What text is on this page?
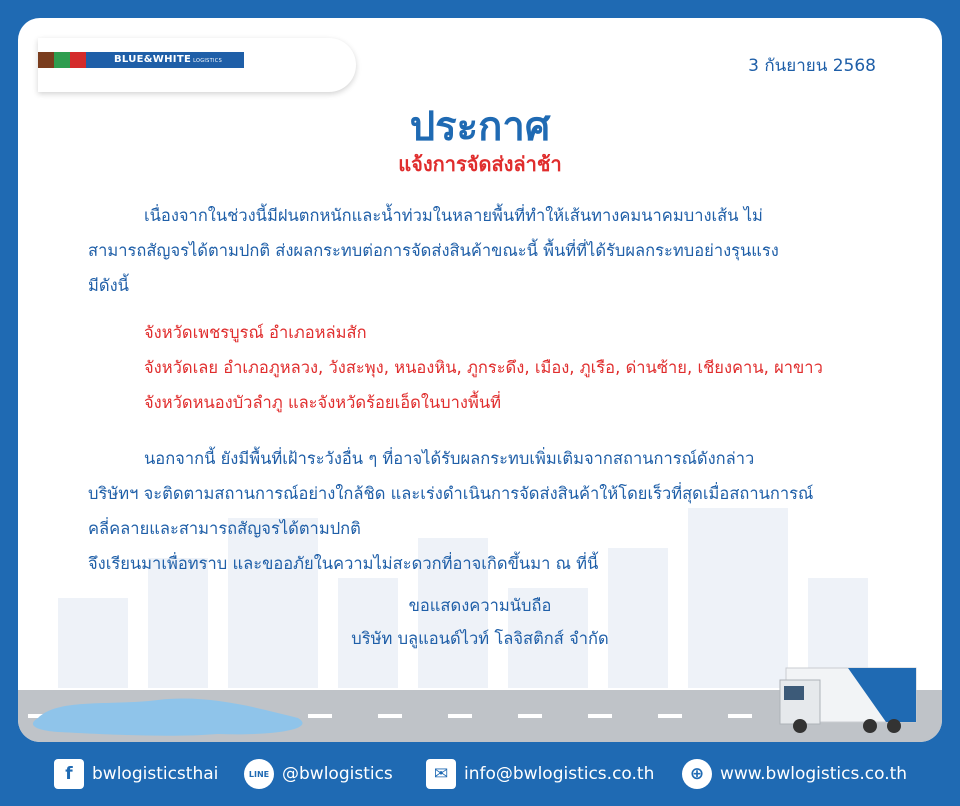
BLUE&WHITE LOGISTICS	3 กันยายน 2568
ประกาศ
แจ้งการจัดส่งล่าช้า
เนื่องจากในช่วงนี้มีฝนตกหนักและน้ำท่วมในหลายพื้นที่ทำให้เส้นทางคมนาคมบางเส้น ไม่
สามารถสัญจรได้ตามปกติ ส่งผลกระทบต่อการจัดส่งสินค้าขณะนี้ พื้นที่ที่ได้รับผลกระทบอย่างรุนแรง
มีดังนี้
จังหวัดเพชรบูรณ์ อำเภอหล่มสัก
จังหวัดเลย อำเภอภูหลวง, วังสะพุง, หนองหิน, ภูกระดึง, เมือง, ภูเรือ, ด่านซ้าย, เชียงคาน, ผาขาว
จังหวัดหนองบัวลำภู และจังหวัดร้อยเอ็ดในบางพื้นที่
นอกจากนี้ ยังมีพื้นที่เฝ้าระวังอื่น ๆ ที่อาจได้รับผลกระทบเพิ่มเติมจากสถานการณ์ดังกล่าว
บริษัทฯ จะติดตามสถานการณ์อย่างใกล้ชิด และเร่งดำเนินการจัดส่งสินค้าให้โดยเร็วที่สุดเมื่อสถานการณ์
คลี่คลายและสามารถสัญจรได้ตามปกติ
จึงเรียนมาเพื่อทราบ และขออภัยในความไม่สะดวกที่อาจเกิดขึ้นมา ณ ที่นี้
ขอแสดงความนับถือ
บริษัท บลูแอนด์ไวท์ โลจิสติกส์ จำกัด
f	bwlogisticsthai	LINE @bwlogistics	✉ info@bwlogistics.co.th	⊕ www.bwlogistics.co.th
